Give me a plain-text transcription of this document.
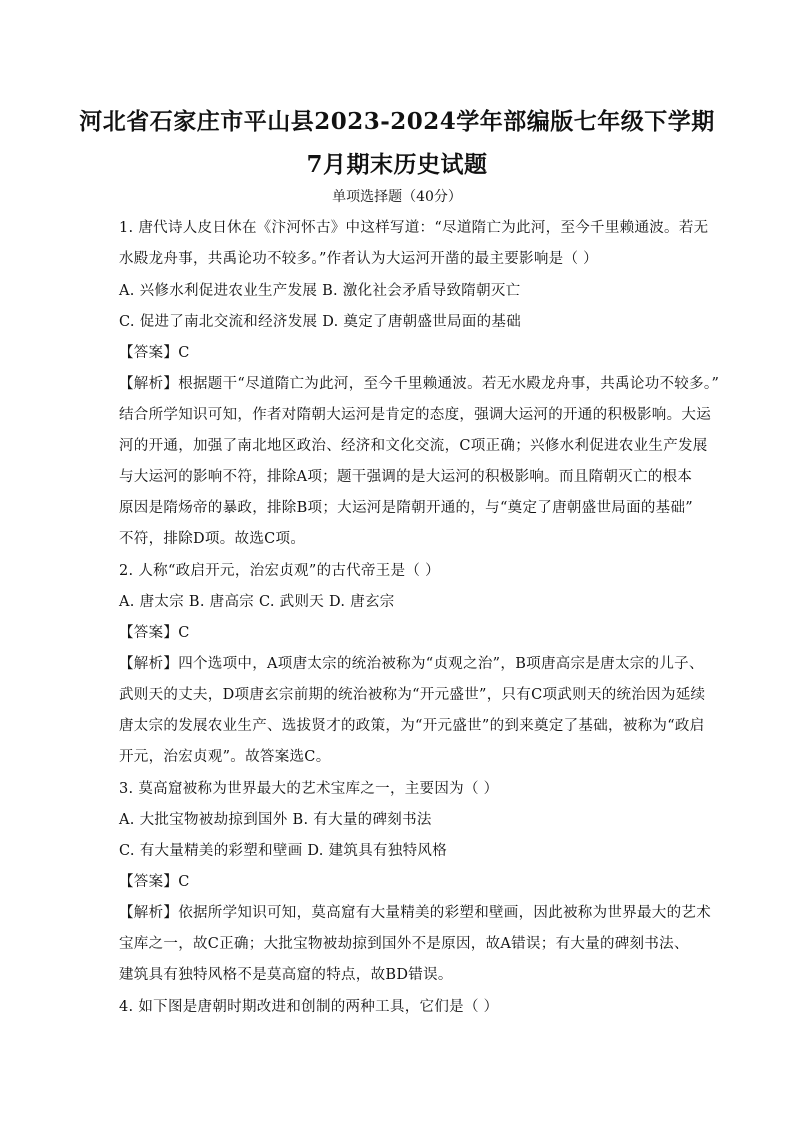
河北省石家庄市平山县2023-2024学年部编版七年级下学期
7月期末历史试题
单项选择题（40分）
1. 唐代诗人皮日休在《汴河怀古》中这样写道：“尽道隋亡为此河，至今千里赖通波。若无
水殿龙舟事，共禹论功不较多。”作者认为大运河开凿的最主要影响是（ ）
A. 兴修水利促进农业生产发展 B. 激化社会矛盾导致隋朝灭亡
C. 促进了南北交流和经济发展 D. 奠定了唐朝盛世局面的基础
【答案】C
【解析】根据题干“尽道隋亡为此河，至今千里赖通波。若无水殿龙舟事，共禹论功不较多。”
结合所学知识可知，作者对隋朝大运河是肯定的态度，强调大运河的开通的积极影响。大运
河的开通，加强了南北地区政治、经济和文化交流，C项正确；兴修水利促进农业生产发展
与大运河的影响不符，排除A项；题干强调的是大运河的积极影响。而且隋朝灭亡的根本
原因是隋炀帝的暴政，排除B项；大运河是隋朝开通的，与“奠定了唐朝盛世局面的基础”
不符，排除D项。故选C项。
2. 人称“政启开元，治宏贞观”的古代帝王是（ ）
A. 唐太宗 B. 唐高宗 C. 武则天 D. 唐玄宗
【答案】C
【解析】四个选项中，A项唐太宗的统治被称为“贞观之治”，B项唐高宗是唐太宗的儿子、
武则天的丈夫，D项唐玄宗前期的统治被称为“开元盛世”，只有C项武则天的统治因为延续
唐太宗的发展农业生产、选拔贤才的政策，为“开元盛世”的到来奠定了基础，被称为“政启
开元，治宏贞观”。故答案选C。
3. 莫高窟被称为世界最大的艺术宝库之一，主要因为（ ）
A. 大批宝物被劫掠到国外 B. 有大量的碑刻书法
C. 有大量精美的彩塑和壁画 D. 建筑具有独特风格
【答案】C
【解析】依据所学知识可知，莫高窟有大量精美的彩塑和壁画，因此被称为世界最大的艺术
宝库之一，故C正确；大批宝物被劫掠到国外不是原因，故A错误；有大量的碑刻书法、
建筑具有独特风格不是莫高窟的特点，故BD错误。
4. 如下图是唐朝时期改进和创制的两种工具，它们是（ ）
